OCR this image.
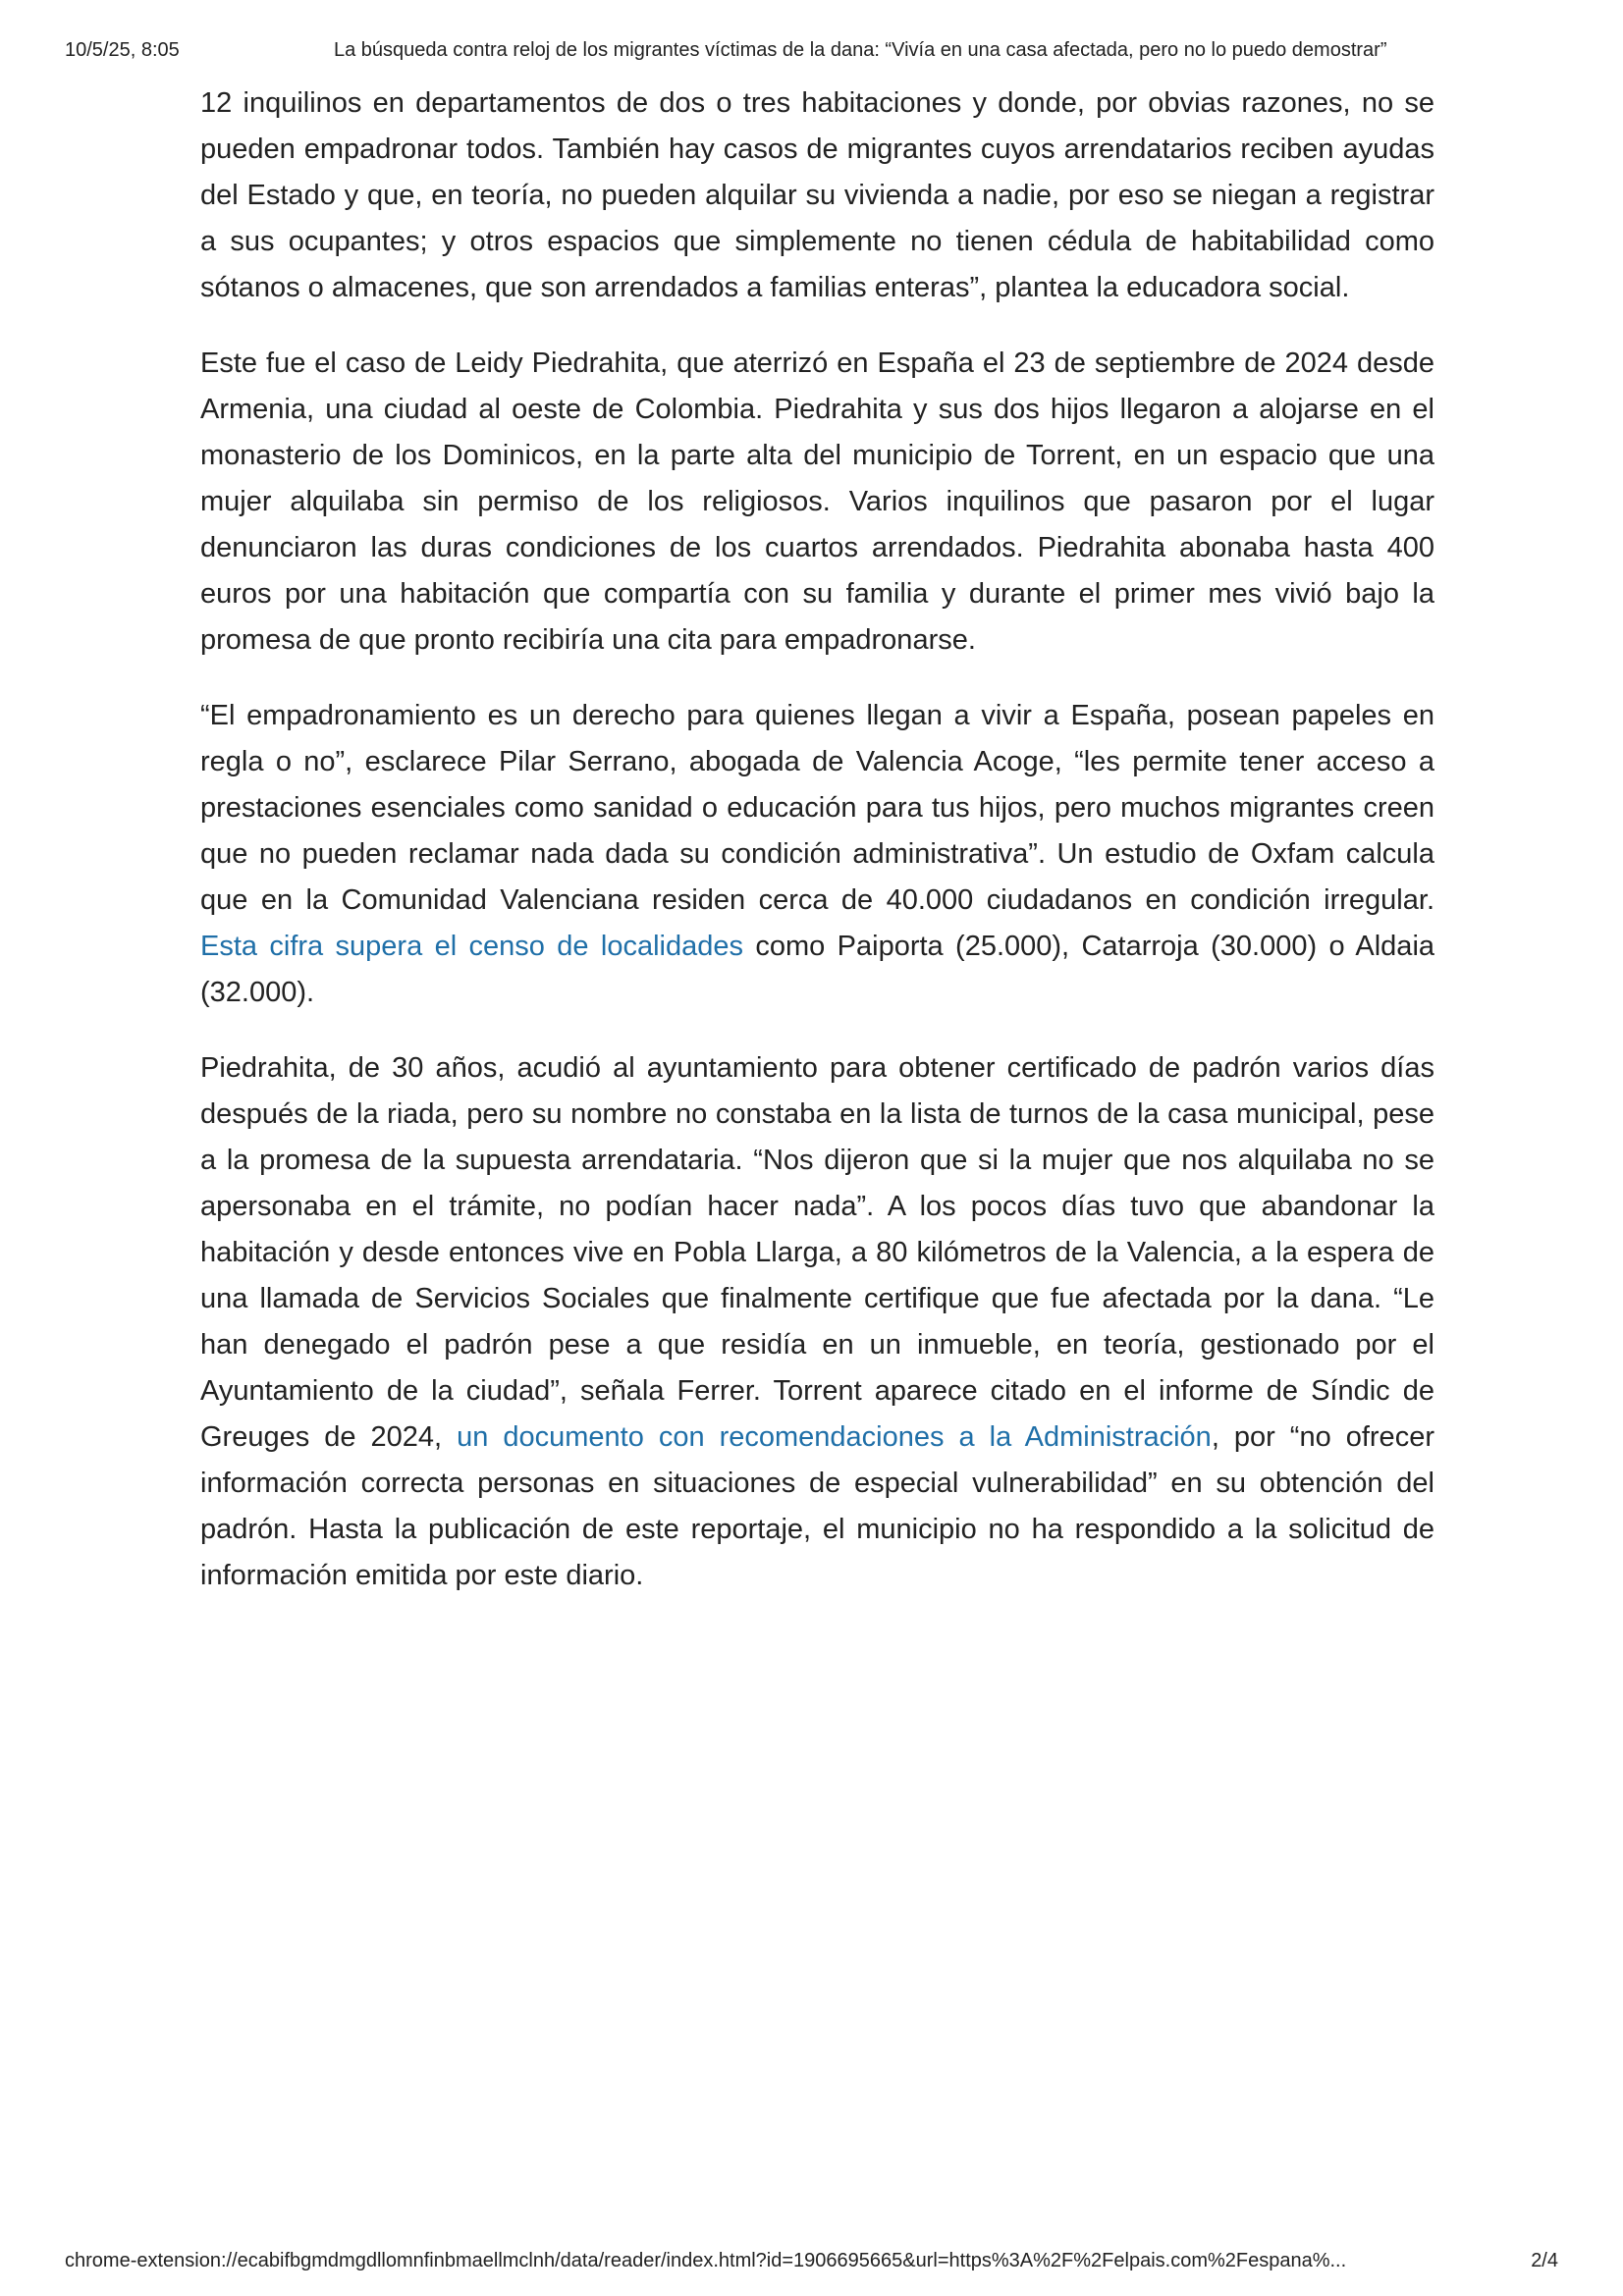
10/5/25, 8:05	La búsqueda contra reloj de los migrantes víctimas de la dana: “Vivía en una casa afectada, pero no lo puedo demostrar”

12 inquilinos en departamentos de dos o tres habitaciones y donde, por obvias razones, no se pueden empadronar todos. También hay casos de migrantes cuyos arrendatarios reciben ayudas del Estado y que, en teoría, no pueden alquilar su vivienda a nadie, por eso se niegan a registrar a sus ocupantes; y otros espacios que simplemente no tienen cédula de habitabilidad como sótanos o almacenes, que son arrendados a familias enteras”, plantea la educadora social.

Este fue el caso de Leidy Piedrahita, que aterrizó en España el 23 de septiembre de 2024 desde Armenia, una ciudad al oeste de Colombia. Piedrahita y sus dos hijos llegaron a alojarse en el monasterio de los Dominicos, en la parte alta del municipio de Torrent, en un espacio que una mujer alquilaba sin permiso de los religiosos. Varios inquilinos que pasaron por el lugar denunciaron las duras condiciones de los cuartos arrendados. Piedrahita abonaba hasta 400 euros por una habitación que compartía con su familia y durante el primer mes vivió bajo la promesa de que pronto recibiría una cita para empadronarse.

“El empadronamiento es un derecho para quienes llegan a vivir a España, posean papeles en regla o no”, esclarece Pilar Serrano, abogada de Valencia Acoge, “les permite tener acceso a prestaciones esenciales como sanidad o educación para tus hijos, pero muchos migrantes creen que no pueden reclamar nada dada su condición administrativa”. Un estudio de Oxfam calcula que en la Comunidad Valenciana residen cerca de 40.000 ciudadanos en condición irregular. Esta cifra supera el censo de localidades como Paiporta (25.000), Catarroja (30.000) o Aldaia (32.000).

Piedrahita, de 30 años, acudió al ayuntamiento para obtener certificado de padrón varios días después de la riada, pero su nombre no constaba en la lista de turnos de la casa municipal, pese a la promesa de la supuesta arrendataria. “Nos dijeron que si la mujer que nos alquilaba no se apersonaba en el trámite, no podían hacer nada”. A los pocos días tuvo que abandonar la habitación y desde entonces vive en Pobla Llarga, a 80 kilómetros de la Valencia, a la espera de una llamada de Servicios Sociales que finalmente certifique que fue afectada por la dana. “Le han denegado el padrón pese a que residía en un inmueble, en teoría, gestionado por el Ayuntamiento de la ciudad”, señala Ferrer. Torrent aparece citado en el informe de Síndic de Greuges de 2024, un documento con recomendaciones a la Administración, por “no ofrecer información correcta personas en situaciones de especial vulnerabilidad” en su obtención del padrón. Hasta la publicación de este reportaje, el municipio no ha respondido a la solicitud de información emitida por este diario.

chrome-extension://ecabifbgmdmgdllomnfinbmaellmclnh/data/reader/index.html?id=1906695665&url=https%3A%2F%2Felpais.com%2Fespana%...	2/4
